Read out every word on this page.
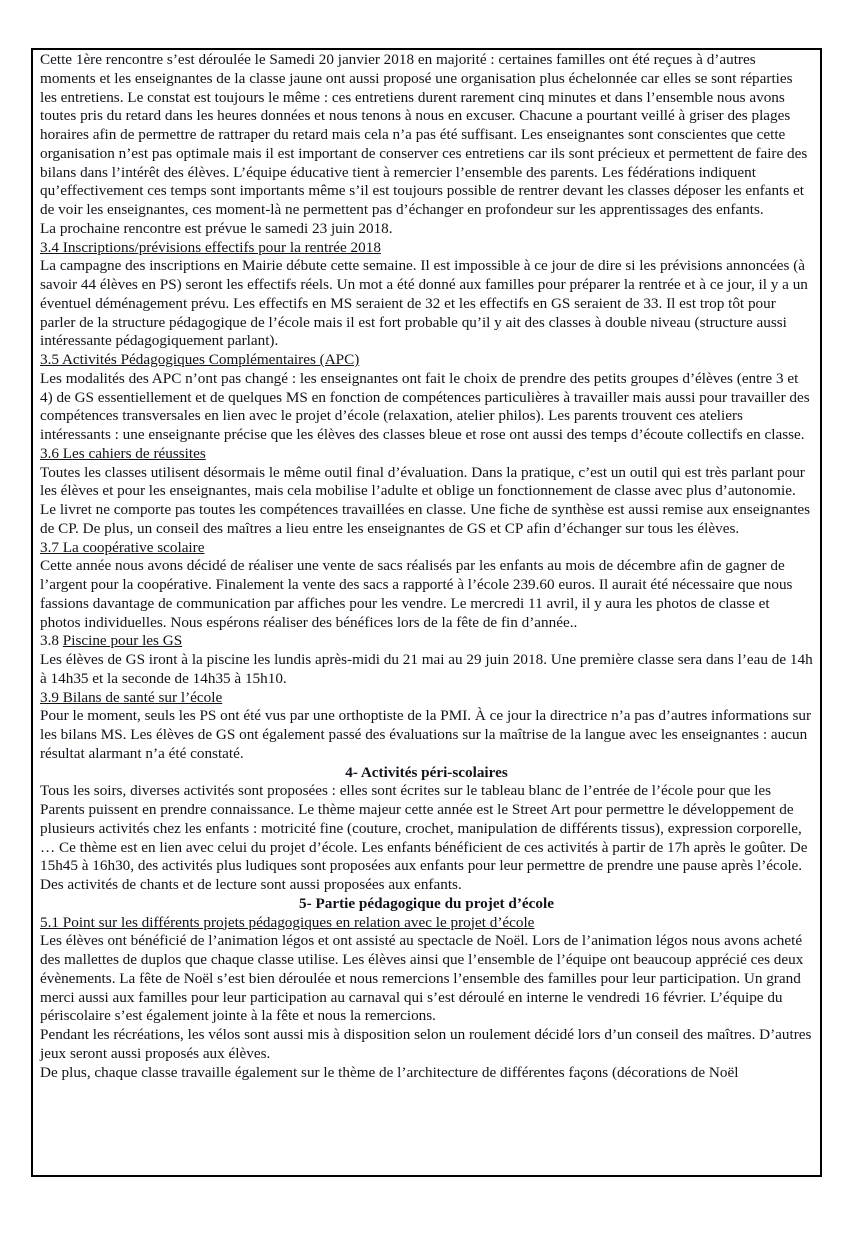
Cette 1ère rencontre s’est déroulée le Samedi 20 janvier 2018 en majorité : certaines familles ont été reçues à d’autres moments et les enseignantes de la classe jaune ont aussi proposé une organisation plus échelonnée car elles se sont réparties les entretiens. Le constat est toujours le même : ces entretiens durent rarement cinq minutes et dans l’ensemble nous avons toutes pris du retard dans les heures données et nous tenons à nous en excuser. Chacune a pourtant veillé à griser des plages horaires afin de permettre de rattraper du retard mais cela n’a pas été suffisant. Les enseignantes sont conscientes que cette organisation n’est pas optimale mais il est important de conserver ces entretiens car ils sont précieux et permettent de faire des bilans dans l’intérêt des élèves. L’équipe éducative tient à remercier l’ensemble des parents. Les fédérations indiquent qu’effectivement ces temps sont importants même s’il est toujours possible de rentrer devant les classes déposer les enfants et de voir les enseignantes, ces moment-là ne permettent pas d’échanger en profondeur sur les apprentissages des enfants.

La prochaine rencontre est prévue le samedi 23 juin 2018.

3.4 Inscriptions/prévisions effectifs pour la rentrée 2018

La campagne des inscriptions en Mairie débute cette semaine. Il est impossible à ce jour de dire si les prévisions annoncées (à savoir 44 élèves en PS) seront les effectifs réels. Un mot a été donné aux familles pour préparer la rentrée et à ce jour, il y a un éventuel déménagement prévu. Les effectifs en MS seraient de 32 et les effectifs en GS seraient de 33. Il est trop tôt pour parler de la structure pédagogique de l’école mais il est fort probable qu’il y ait des classes à double niveau (structure aussi intéressante pédagogiquement parlant).

3.5 Activités Pédagogiques Complémentaires (APC)

Les modalités des APC n’ont pas changé : les enseignantes ont fait le choix de prendre des petits groupes d’élèves (entre 3 et 4) de GS essentiellement et de quelques MS en fonction de compétences particulières à travailler mais aussi pour travailler des compétences transversales en lien avec le projet d’école (relaxation, atelier philos). Les parents trouvent ces ateliers intéressants : une enseignante précise que les élèves des classes bleue et rose ont aussi des temps d’écoute collectifs en classe.

3.6 Les cahiers de réussites

Toutes les classes utilisent désormais le même outil final d’évaluation. Dans la pratique, c’est un outil qui est très parlant pour les élèves et pour les enseignantes, mais cela mobilise l’adulte et oblige un fonctionnement de classe avec plus d’autonomie. Le livret ne comporte pas toutes les compétences travaillées en classe. Une fiche de synthèse est aussi remise aux enseignantes de CP. De plus, un conseil des maîtres a lieu entre les enseignantes de GS et CP afin d’échanger sur tous les élèves.

3.7 La coopérative scolaire

Cette année nous avons décidé de réaliser une vente de sacs réalisés par les enfants au mois de décembre afin de gagner de l’argent pour la coopérative. Finalement la vente des sacs a rapporté à l’école 239.60 euros. Il aurait été nécessaire que nous fassions davantage de communication par affiches pour les vendre. Le mercredi 11 avril, il y aura les photos de classe et photos individuelles. Nous espérons réaliser des bénéfices lors de la fête de fin d’année..

3.8 Piscine pour les GS

Les élèves de GS iront à la piscine les lundis après-midi du 21 mai au 29 juin 2018. Une première classe sera dans l’eau de 14h à 14h35 et la seconde de 14h35 à 15h10.

3.9 Bilans de santé sur l’école

Pour le moment, seuls les PS ont été vus par une orthoptiste de la PMI. À ce jour la directrice n’a pas d’autres informations sur les bilans MS. Les élèves de GS ont également passé des évaluations sur la maîtrise de la langue avec les enseignantes : aucun résultat alarmant n’a été constaté.

4- Activités péri-scolaires

Tous les soirs, diverses activités sont proposées : elles sont écrites sur le tableau blanc de l’entrée de l’école pour que les Parents puissent en prendre connaissance. Le thème majeur cette année est le Street Art pour permettre le développement de plusieurs activités chez les enfants : motricité fine (couture, crochet, manipulation de différents tissus), expression corporelle, … Ce thème est en lien avec celui du projet d’école. Les enfants bénéficient de ces activités à partir de 17h après le goûter. De 15h45 à 16h30, des activités plus ludiques sont proposées aux enfants pour leur permettre de prendre une pause après l’école. Des activités de chants et de lecture sont aussi proposées aux enfants.

5- Partie pédagogique du projet d’école

5.1 Point sur les différents projets pédagogiques en relation avec le projet d’école

Les élèves ont bénéficié de l’animation légos et ont assisté au spectacle de Noël. Lors de l’animation légos nous avons acheté des mallettes de duplos que chaque classe utilise. Les élèves ainsi que l’ensemble de l’équipe ont beaucoup apprécié ces deux évènements. La fête de Noël s’est bien déroulée et nous remercions l’ensemble des familles pour leur participation. Un grand merci aussi aux familles pour leur participation au carnaval qui s’est déroulé en interne le vendredi 16 février. L’équipe du périscolaire s’est également jointe à la fête et nous la remercions.

Pendant les récréations, les vélos sont aussi mis à disposition selon un roulement décidé lors d’un conseil des maîtres. D’autres jeux seront aussi proposés aux élèves.

De plus, chaque classe travaille également sur le thème de l’architecture de différentes façons (décorations de Noël
